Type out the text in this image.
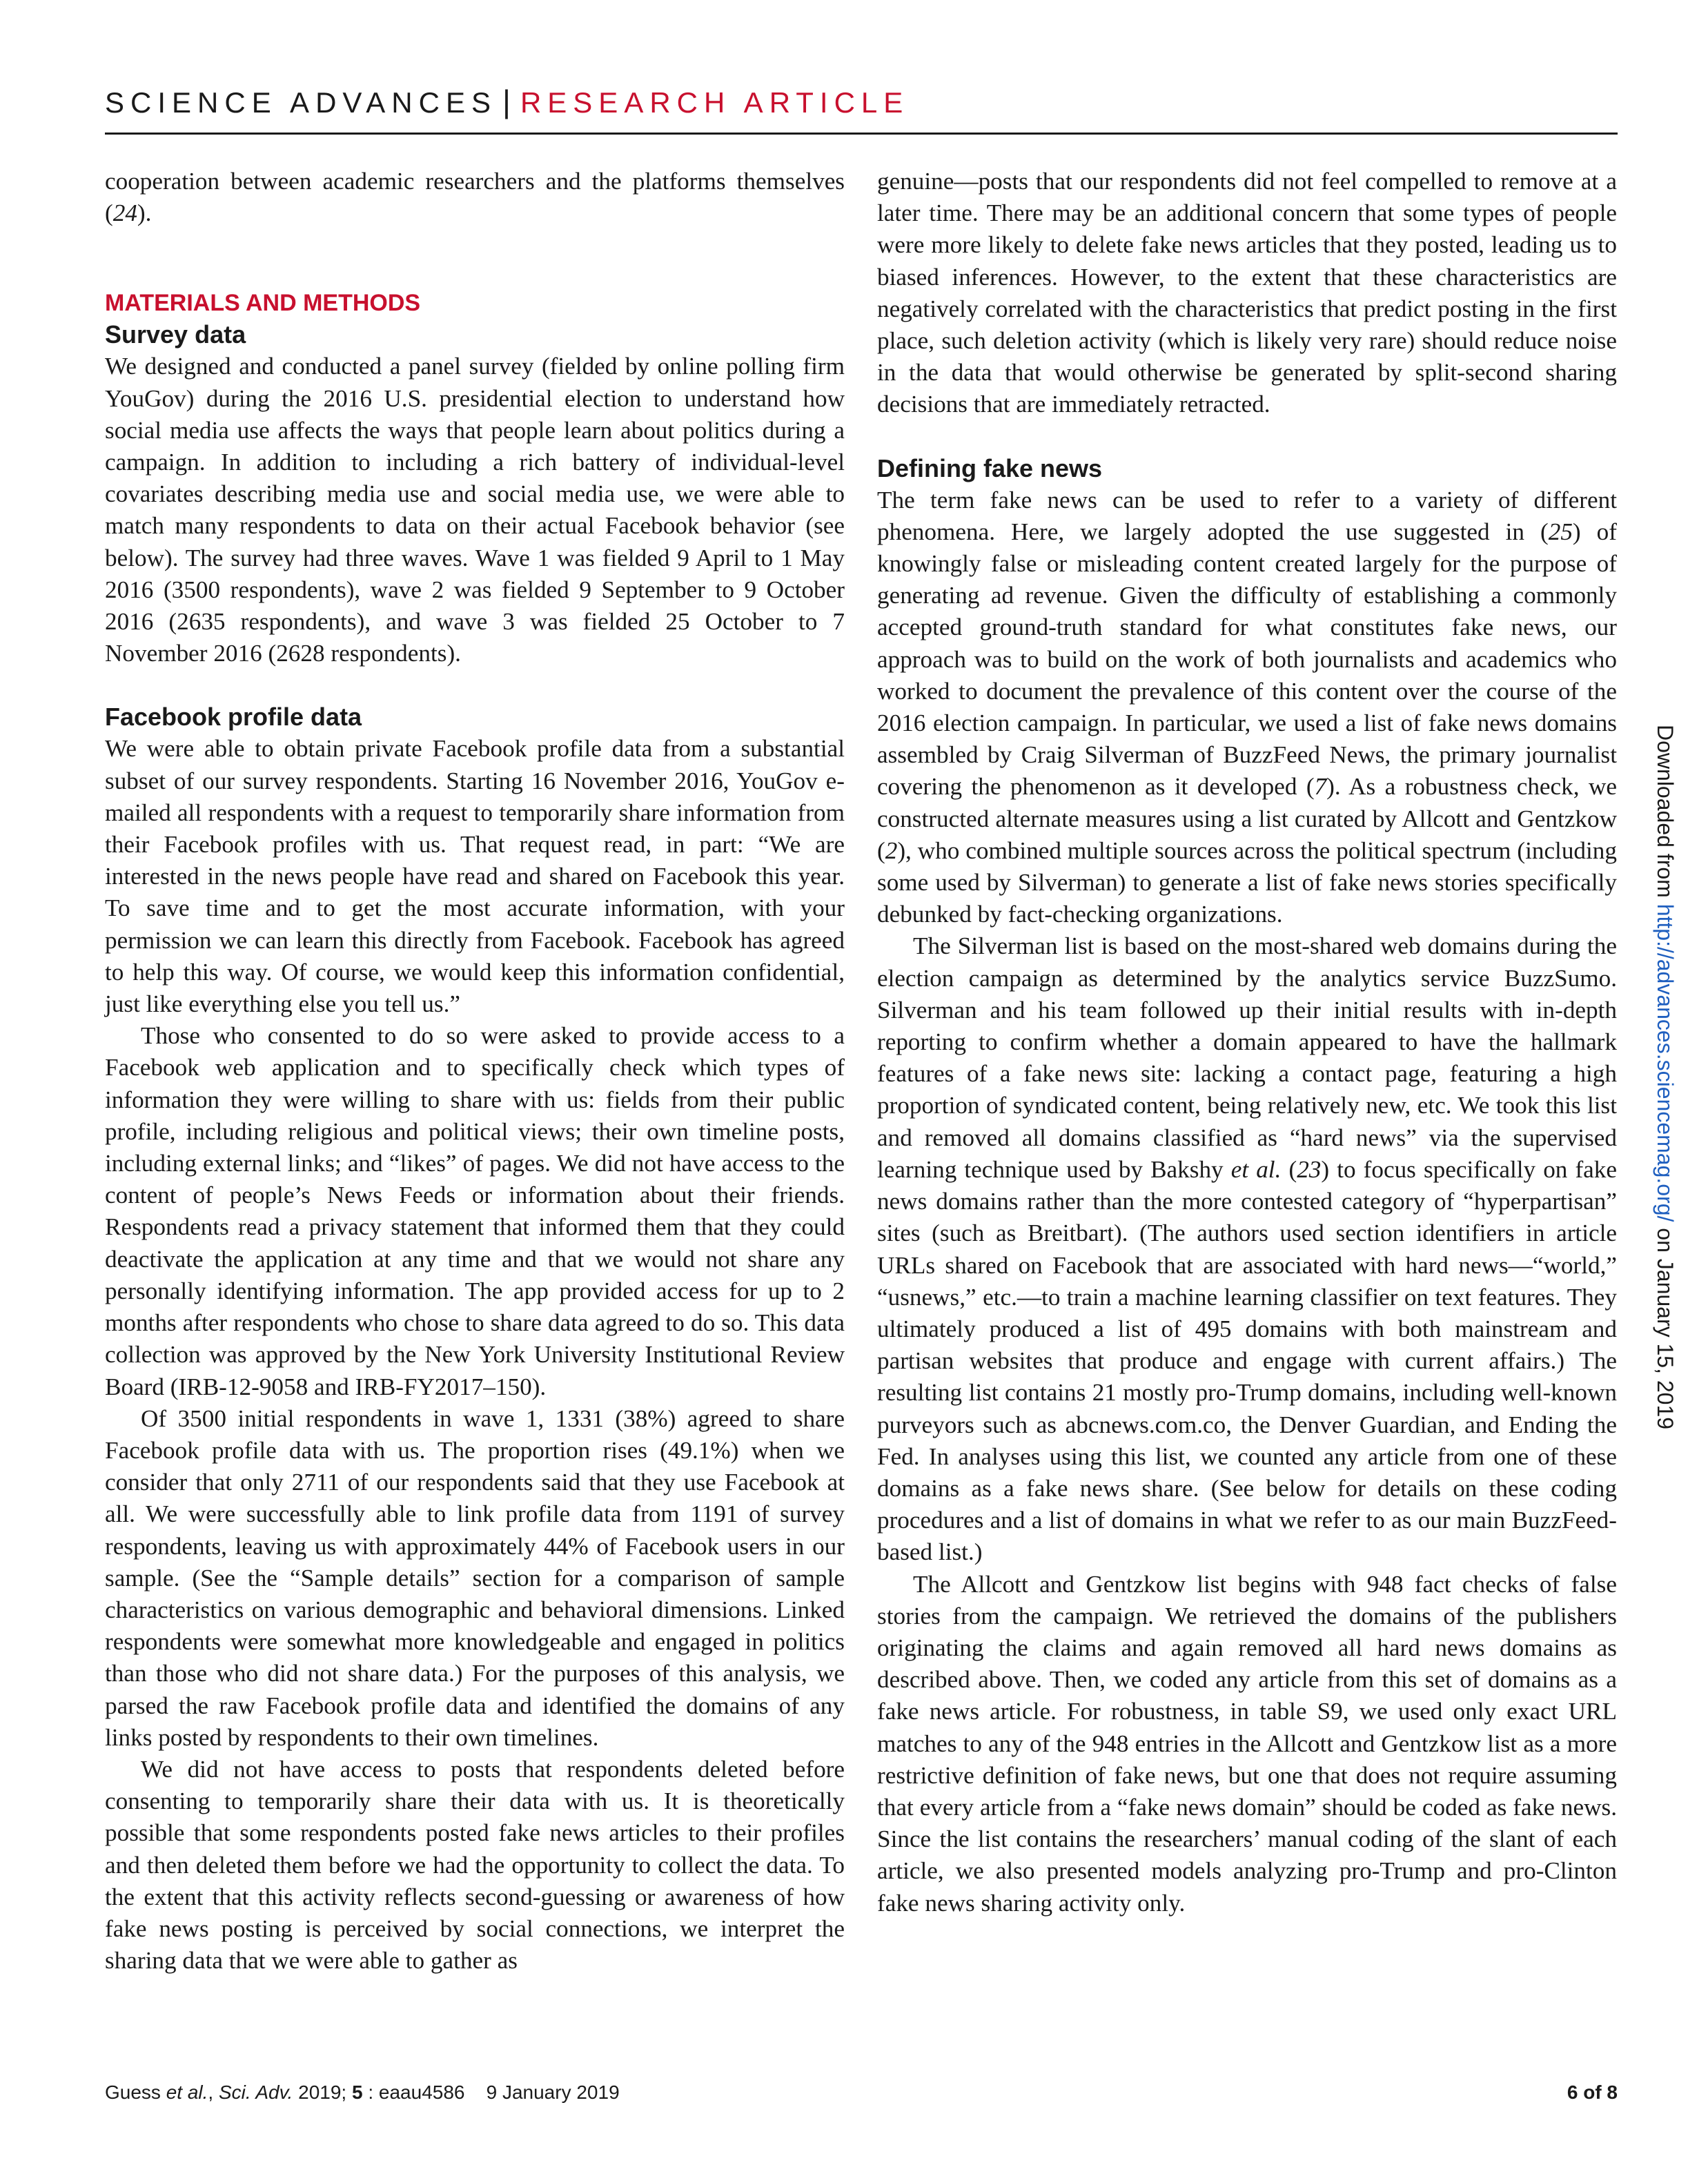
SCIENCE ADVANCES | RESEARCH ARTICLE

cooperation between academic researchers and the platforms themselves (24).

MATERIALS AND METHODS
Survey data

We designed and conducted a panel survey (fielded by online polling firm YouGov) during the 2016 U.S. presidential election to understand how social media use affects the ways that people learn about politics during a campaign. In addition to including a rich battery of individual-level covariates describing media use and social media use, we were able to match many respondents to data on their actual Facebook behavior (see below). The survey had three waves. Wave 1 was fielded 9 April to 1 May 2016 (3500 respondents), wave 2 was fielded 9 September to 9 October 2016 (2635 respondents), and wave 3 was fielded 25 October to 7 November 2016 (2628 respondents).

Facebook profile data

We were able to obtain private Facebook profile data from a substantial subset of our survey respondents. Starting 16 November 2016, YouGov e-mailed all respondents with a request to temporarily share information from their Facebook profiles with us. That request read, in part: “We are interested in the news people have read and shared on Facebook this year. To save time and to get the most accurate information, with your permission we can learn this directly from Facebook. Facebook has agreed to help this way. Of course, we would keep this information confidential, just like everything else you tell us.”

Those who consented to do so were asked to provide access to a Facebook web application and to specifically check which types of information they were willing to share with us: fields from their public profile, including religious and political views; their own timeline posts, including external links; and “likes” of pages. We did not have access to the content of people’s News Feeds or information about their friends. Respondents read a privacy statement that informed them that they could deactivate the application at any time and that we would not share any personally identifying information. The app provided access for up to 2 months after respondents who chose to share data agreed to do so. This data collection was approved by the New York University Institutional Review Board (IRB-12-9058 and IRB-FY2017–150).

Of 3500 initial respondents in wave 1, 1331 (38%) agreed to share Facebook profile data with us. The proportion rises (49.1%) when we consider that only 2711 of our respondents said that they use Facebook at all. We were successfully able to link profile data from 1191 of survey respondents, leaving us with approximately 44% of Facebook users in our sample. (See the “Sample details” section for a comparison of sample characteristics on various demographic and behavioral dimensions. Linked respondents were somewhat more knowledgeable and engaged in politics than those who did not share data.) For the purposes of this analysis, we parsed the raw Facebook profile data and identified the domains of any links posted by respondents to their own timelines.

We did not have access to posts that respondents deleted before consenting to temporarily share their data with us. It is theoretically possible that some respondents posted fake news articles to their profiles and then deleted them before we had the opportunity to collect the data. To the extent that this activity reflects second-guessing or awareness of how fake news posting is perceived by social connections, we interpret the sharing data that we were able to gather as

genuine—posts that our respondents did not feel compelled to remove at a later time. There may be an additional concern that some types of people were more likely to delete fake news articles that they posted, leading us to biased inferences. However, to the extent that these characteristics are negatively correlated with the characteristics that predict posting in the first place, such deletion activity (which is likely very rare) should reduce noise in the data that would otherwise be generated by split-second sharing decisions that are immediately retracted.

Defining fake news

The term fake news can be used to refer to a variety of different phenomena. Here, we largely adopted the use suggested in (25) of knowingly false or misleading content created largely for the purpose of generating ad revenue. Given the difficulty of establishing a commonly accepted ground-truth standard for what constitutes fake news, our approach was to build on the work of both journalists and academics who worked to document the prevalence of this content over the course of the 2016 election campaign. In particular, we used a list of fake news domains assembled by Craig Silverman of BuzzFeed News, the primary journalist covering the phenomenon as it developed (7). As a robustness check, we constructed alternate measures using a list curated by Allcott and Gentzkow (2), who combined multiple sources across the political spectrum (including some used by Silverman) to generate a list of fake news stories specifically debunked by fact-checking organizations.

The Silverman list is based on the most-shared web domains during the election campaign as determined by the analytics service BuzzSumo. Silverman and his team followed up their initial results with in-depth reporting to confirm whether a domain appeared to have the hallmark features of a fake news site: lacking a contact page, featuring a high proportion of syndicated content, being relatively new, etc. We took this list and removed all domains classified as “hard news” via the supervised learning technique used by Bakshy et al. (23) to focus specifically on fake news domains rather than the more contested category of “hyperpartisan” sites (such as Breitbart). (The authors used section identifiers in article URLs shared on Facebook that are associated with hard news—“world,” “usnews,” etc.—to train a machine learning classifier on text features. They ultimately produced a list of 495 domains with both mainstream and partisan websites that produce and engage with current affairs.) The resulting list contains 21 mostly pro-Trump domains, including well-known purveyors such as abcnews.com.co, the Denver Guardian, and Ending the Fed. In analyses using this list, we counted any article from one of these domains as a fake news share. (See below for details on these coding procedures and a list of domains in what we refer to as our main BuzzFeed-based list.)

The Allcott and Gentzkow list begins with 948 fact checks of false stories from the campaign. We retrieved the domains of the publishers originating the claims and again removed all hard news domains as described above. Then, we coded any article from this set of domains as a fake news article. For robustness, in table S9, we used only exact URL matches to any of the 948 entries in the Allcott and Gentzkow list as a more restrictive definition of fake news, but one that does not require assuming that every article from a “fake news domain” should be coded as fake news. Since the list contains the researchers’ manual coding of the slant of each article, we also presented models analyzing pro-Trump and pro-Clinton fake news sharing activity only.

Guess et al., Sci. Adv. 2019; 5 : eaau4586 9 January 2019	6 of 8
Downloaded from http://advances.sciencemag.org/ on January 15, 2019
